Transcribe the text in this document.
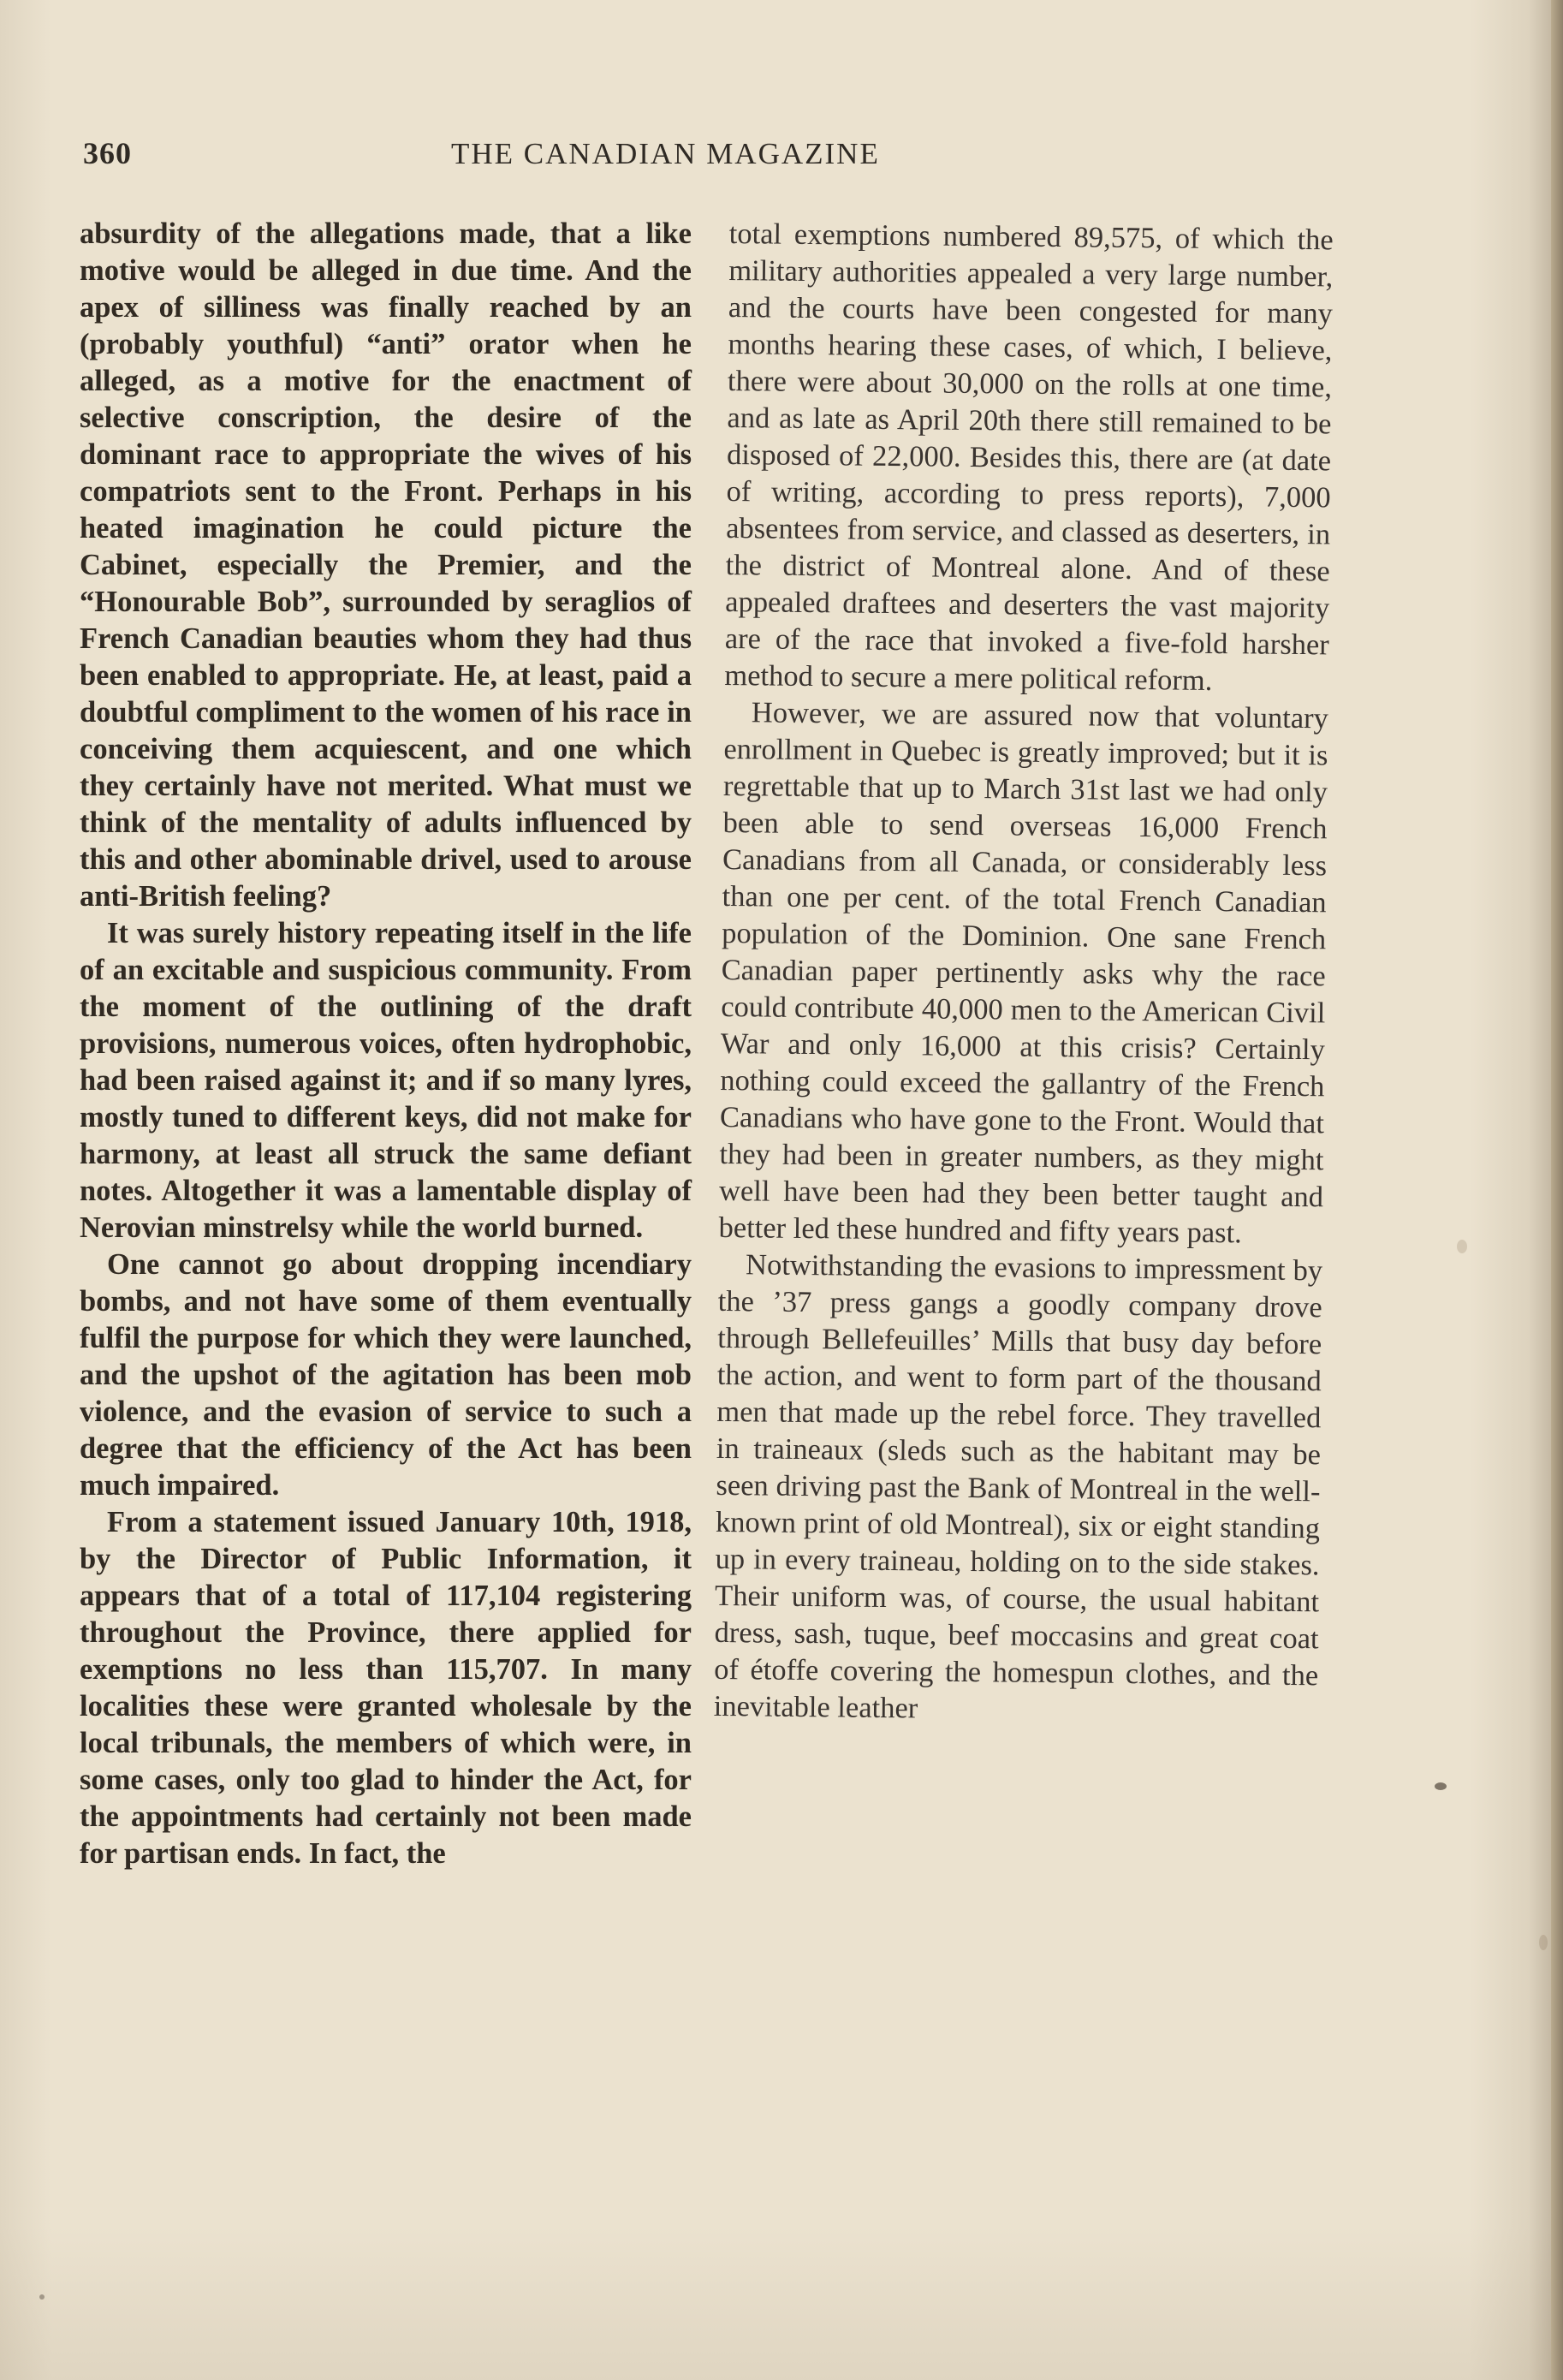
360	THE CANADIAN MAGAZINE

absurdity of the allegations made, that a like motive would be alleged in due time. And the apex of silliness was finally reached by an (probably youthful) “anti” orator when he alleged, as a motive for the enactment of selective conscription, the desire of the dominant race to appropriate the wives of his compatriots sent to the Front. Perhaps in his heated imagination he could picture the Cabinet, especially the Premier, and the “Honourable Bob”, surrounded by seraglios of French Canadian beauties whom they had thus been enabled to appropriate. He, at least, paid a doubtful compliment to the women of his race in conceiving them acquiescent, and one which they certainly have not merited. What must we think of the mentality of adults influenced by this and other abominable drivel, used to arouse anti-British feeling?

It was surely history repeating itself in the life of an excitable and suspicious community. From the moment of the outlining of the draft provisions, numerous voices, often hydrophobic, had been raised against it; and if so many lyres, mostly tuned to different keys, did not make for harmony, at least all struck the same defiant notes. Altogether it was a lamentable display of Nerovian minstrelsy while the world burned.

One cannot go about dropping incendiary bombs, and not have some of them eventually fulfil the purpose for which they were launched, and the upshot of the agitation has been mob violence, and the evasion of service to such a degree that the efficiency of the Act has been much impaired.

From a statement issued January 10th, 1918, by the Director of Public Information, it appears that of a total of 117,104 registering throughout the Province, there applied for exemptions no less than 115,707. In many localities these were granted wholesale by the local tribunals, the members of which were, in some cases, only too glad to hinder the Act, for the appointments had certainly not been made for partisan ends. In fact, the

total exemptions numbered 89,575, of which the military authorities appealed a very large number, and the courts have been congested for many months hearing these cases, of which, I believe, there were about 30,000 on the rolls at one time, and as late as April 20th there still remained to be disposed of 22,000. Besides this, there are (at date of writing, according to press reports), 7,000 absentees from service, and classed as deserters, in the district of Montreal alone. And of these appealed draftees and deserters the vast majority are of the race that invoked a five-fold harsher method to secure a mere political reform.

However, we are assured now that voluntary enrollment in Quebec is greatly improved; but it is regrettable that up to March 31st last we had only been able to send overseas 16,000 French Canadians from all Canada, or considerably less than one per cent. of the total French Canadian population of the Dominion. One sane French Canadian paper pertinently asks why the race could contribute 40,000 men to the American Civil War and only 16,000 at this crisis? Certainly nothing could exceed the gallantry of the French Canadians who have gone to the Front. Would that they had been in greater numbers, as they might well have been had they been better taught and better led these hundred and fifty years past.

Notwithstanding the evasions to impressment by the ’37 press gangs a goodly company drove through Bellefeuilles’ Mills that busy day before the action, and went to form part of the thousand men that made up the rebel force. They travelled in traineaux (sleds such as the habitant may be seen driving past the Bank of Montreal in the well-known print of old Montreal), six or eight standing up in every traineau, holding on to the side stakes. Their uniform was, of course, the usual habitant dress, sash, tuque, beef moccasins and great coat of étoffe covering the homespun clothes, and the inevitable leather
